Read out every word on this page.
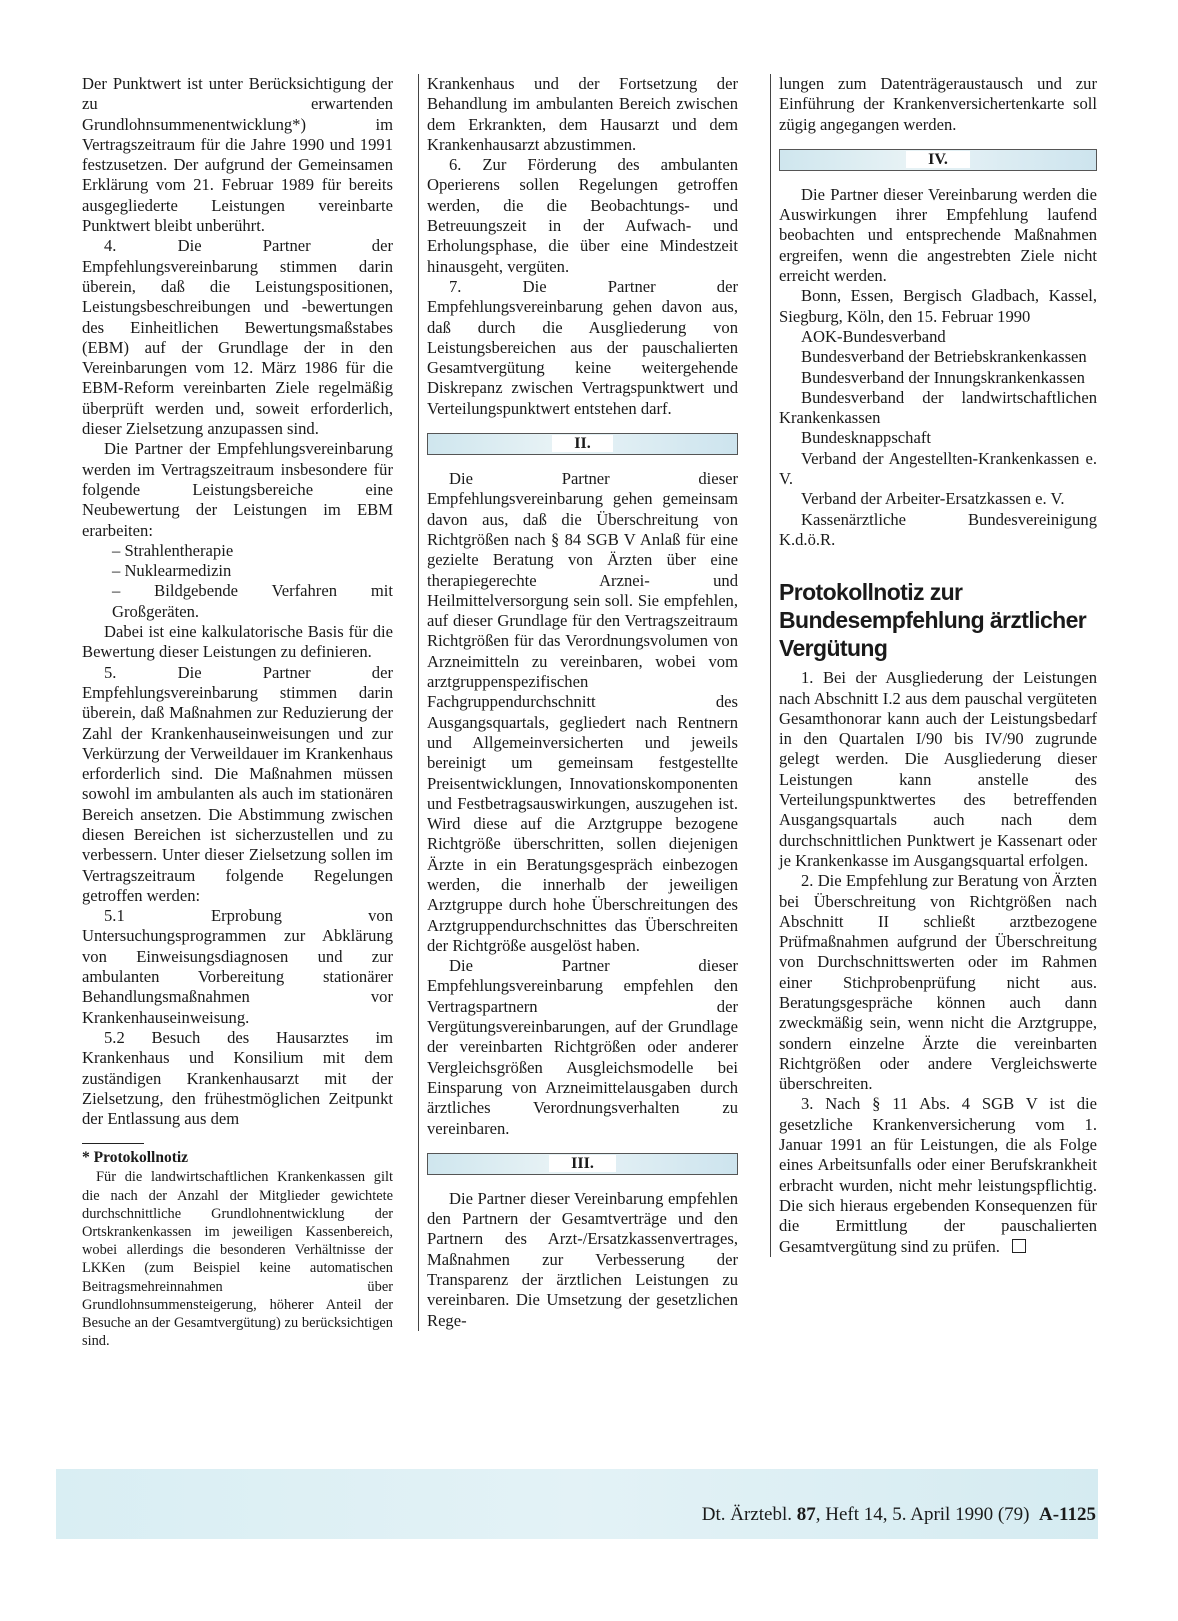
Der Punktwert ist unter Berücksichtigung der zu erwartenden Grundlohnsummenentwicklung*) im Vertragszeitraum für die Jahre 1990 und 1991 festzusetzen. Der aufgrund der Gemeinsamen Erklärung vom 21. Februar 1989 für bereits ausgegliederte Leistungen vereinbarte Punktwert bleibt unberührt.

4. Die Partner der Empfehlungsvereinbarung stimmen darin überein, daß die Leistungspositionen, Leistungsbeschreibungen und -bewertungen des Einheitlichen Bewertungsmaßstabes (EBM) auf der Grundlage der in den Vereinbarungen vom 12. März 1986 für die EBM-Reform vereinbarten Ziele regelmäßig überprüft werden und, soweit erforderlich, dieser Zielsetzung anzupassen sind.

Die Partner der Empfehlungsvereinbarung werden im Vertragszeitraum insbesondere für folgende Leistungsbereiche eine Neubewertung der Leistungen im EBM erarbeiten:

– Strahlentherapie

– Nuklearmedizin

– Bildgebende Verfahren mit Großgeräten.

Dabei ist eine kalkulatorische Basis für die Bewertung dieser Leistungen zu definieren.

5. Die Partner der Empfehlungsvereinbarung stimmen darin überein, daß Maßnahmen zur Reduzierung der Zahl der Krankenhauseinweisungen und zur Verkürzung der Verweildauer im Krankenhaus erforderlich sind. Die Maßnahmen müssen sowohl im ambulanten als auch im stationären Bereich ansetzen. Die Abstimmung zwischen diesen Bereichen ist sicherzustellen und zu verbessern. Unter dieser Zielsetzung sollen im Vertragszeitraum folgende Regelungen getroffen werden:

5.1 Erprobung von Untersuchungsprogrammen zur Abklärung von Einweisungsdiagnosen und zur ambulanten Vorbereitung stationärer Behandlungsmaßnahmen vor Krankenhauseinweisung.

5.2 Besuch des Hausarztes im Krankenhaus und Konsilium mit dem zuständigen Krankenhausarzt mit der Zielsetzung, den frühestmöglichen Zeitpunkt der Entlassung aus dem

* Protokollnotiz

Für die landwirtschaftlichen Krankenkassen gilt die nach der Anzahl der Mitglieder gewichtete durchschnittliche Grundlohnentwicklung der Ortskrankenkassen im jeweiligen Kassenbereich, wobei allerdings die besonderen Verhältnisse der LKKen (zum Beispiel keine automatischen Beitragsmehreinnahmen über Grundlohnsummensteigerung, höherer Anteil der Besuche an der Gesamtvergütung) zu berücksichtigen sind.

Krankenhaus und der Fortsetzung der Behandlung im ambulanten Bereich zwischen dem Erkrankten, dem Hausarzt und dem Krankenhausarzt abzustimmen.

6. Zur Förderung des ambulanten Operierens sollen Regelungen getroffen werden, die die Beobachtungs- und Betreuungszeit in der Aufwach- und Erholungsphase, die über eine Mindestzeit hinausgeht, vergüten.

7. Die Partner der Empfehlungsvereinbarung gehen davon aus, daß durch die Ausgliederung von Leistungsbereichen aus der pauschalierten Gesamtvergütung keine weitergehende Diskrepanz zwischen Vertragspunktwert und Verteilungspunktwert entstehen darf.

II.

Die Partner dieser Empfehlungsvereinbarung gehen gemeinsam davon aus, daß die Überschreitung von Richtgrößen nach § 84 SGB V Anlaß für eine gezielte Beratung von Ärzten über eine therapiegerechte Arznei- und Heilmittelversorgung sein soll. Sie empfehlen, auf dieser Grundlage für den Vertragszeitraum Richtgrößen für das Verordnungsvolumen von Arzneimitteln zu vereinbaren, wobei vom arztgruppenspezifischen Fachgruppendurchschnitt des Ausgangsquartals, gegliedert nach Rentnern und Allgemeinversicherten und jeweils bereinigt um gemeinsam festgestellte Preisentwicklungen, Innovationskomponenten und Festbetragsauswirkungen, auszugehen ist. Wird diese auf die Arztgruppe bezogene Richtgröße überschritten, sollen diejenigen Ärzte in ein Beratungsgespräch einbezogen werden, die innerhalb der jeweiligen Arztgruppe durch hohe Überschreitungen des Arztgruppendurchschnittes das Überschreiten der Richtgröße ausgelöst haben.

Die Partner dieser Empfehlungsvereinbarung empfehlen den Vertragspartnern der Vergütungsvereinbarungen, auf der Grundlage der vereinbarten Richtgrößen oder anderer Vergleichsgrößen Ausgleichsmodelle bei Einsparung von Arzneimittelausgaben durch ärztliches Verordnungsverhalten zu vereinbaren.

III.

Die Partner dieser Vereinbarung empfehlen den Partnern der Gesamtverträge und den Partnern des Arzt-/Ersatzkassenvertrages, Maßnahmen zur Verbesserung der Transparenz der ärztlichen Leistungen zu vereinbaren. Die Umsetzung der gesetzlichen Rege-

lungen zum Datenträgeraustausch und zur Einführung der Krankenversichertenkarte soll zügig angegangen werden.

IV.

Die Partner dieser Vereinbarung werden die Auswirkungen ihrer Empfehlung laufend beobachten und entsprechende Maßnahmen ergreifen, wenn die angestrebten Ziele nicht erreicht werden.

Bonn, Essen, Bergisch Gladbach, Kassel, Siegburg, Köln, den 15. Februar 1990

AOK-Bundesverband

Bundesverband der Betriebskrankenkassen

Bundesverband der Innungskrankenkassen

Bundesverband der landwirtschaftlichen Krankenkassen

Bundesknappschaft

Verband der Angestellten-Krankenkassen e. V.

Verband der Arbeiter-Ersatzkassen e. V.

Kassenärztliche Bundesvereinigung K.d.ö.R.

Protokollnotiz zur Bundesempfehlung ärztlicher Vergütung

1. Bei der Ausgliederung der Leistungen nach Abschnitt I.2 aus dem pauschal vergüteten Gesamthonorar kann auch der Leistungsbedarf in den Quartalen I/90 bis IV/90 zugrunde gelegt werden. Die Ausgliederung dieser Leistungen kann anstelle des Verteilungspunktwertes des betreffenden Ausgangsquartals auch nach dem durchschnittlichen Punktwert je Kassenart oder je Krankenkasse im Ausgangsquartal erfolgen.

2. Die Empfehlung zur Beratung von Ärzten bei Überschreitung von Richtgrößen nach Abschnitt II schließt arztbezogene Prüfmaßnahmen aufgrund der Überschreitung von Durchschnittswerten oder im Rahmen einer Stichprobenprüfung nicht aus. Beratungsgespräche können auch dann zweckmäßig sein, wenn nicht die Arztgruppe, sondern einzelne Ärzte die vereinbarten Richtgrößen oder andere Vergleichswerte überschreiten.

3. Nach § 11 Abs. 4 SGB V ist die gesetzliche Krankenversicherung vom 1. Januar 1991 an für Leistungen, die als Folge eines Arbeitsunfalls oder einer Berufskrankheit erbracht wurden, nicht mehr leistungspflichtig. Die sich hieraus ergebenden Konsequenzen für die Ermittlung der pauschalierten Gesamtvergütung sind zu prüfen.

Dt. Ärztebl. 87, Heft 14, 5. April 1990 (79) A-1125
